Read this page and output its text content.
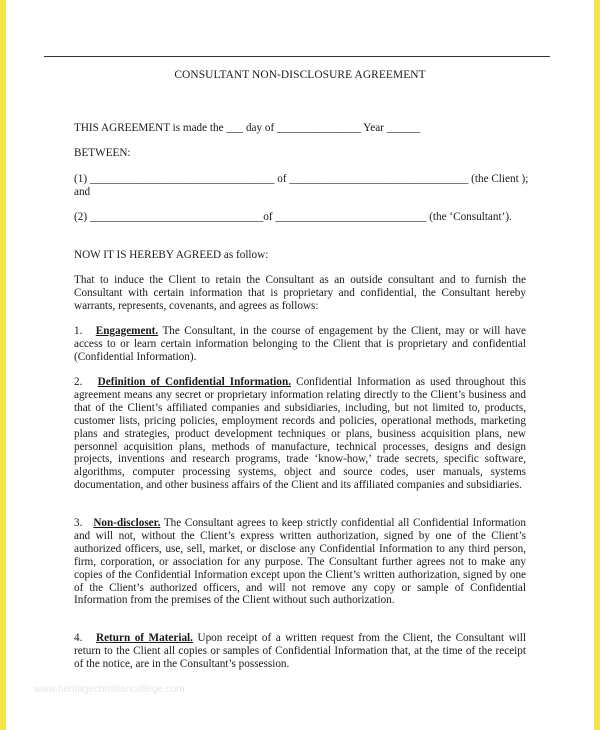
CONSULTANT NON-DISCLOSURE AGREEMENT
THIS AGREEMENT is made the ___ day of _______________ Year ______
BETWEEN:
(1) _________________________________ of ________________________________ (the Client );
and
(2) _______________________________of ___________________________ (the ‘Consultant’).
NOW IT IS HEREBY AGREED as follow:
That to induce the Client to retain the Consultant as an outside consultant and to furnish the Consultant with certain information that is proprietary and confidential, the Consultant hereby warrants, represents, covenants, and agrees as follows:
1. Engagement. The Consultant, in the course of engagement by the Client, may or will have access to or learn certain information belonging to the Client that is proprietary and confidential (Confidential Information).
2. Definition of Confidential Information. Confidential Information as used throughout this agreement means any secret or proprietary information relating directly to the Client’s business and that of the Client’s affiliated companies and subsidiaries, including, but not limited to, products, customer lists, pricing policies, employment records and policies, operational methods, marketing plans and strategies, product development techniques or plans, business acquisition plans, new personnel acquisition plans, methods of manufacture, technical processes, designs and design projects, inventions and research programs, trade ‘know-how,’ trade secrets, specific software, algorithms, computer processing systems, object and source codes, user manuals, systems documentation, and other business affairs of the Client and its affiliated companies and subsidiaries.
3. Non-discloser. The Consultant agrees to keep strictly confidential all Confidential Information and will not, without the Client’s express written authorization, signed by one of the Client’s authorized officers, use, sell, market, or disclose any Confidential Information to any third person, firm, corporation, or association for any purpose. The Consultant further agrees not to make any copies of the Confidential Information except upon the Client’s written authorization, signed by one of the Client’s authorized officers, and will not remove any copy or sample of Confidential Information from the premises of the Client without such authorization.
4. Return of Material. Upon receipt of a written request from the Client, the Consultant will return to the Client all copies or samples of Confidential Information that, at the time of the receipt of the notice, are in the Consultant’s possession.
www.heritagechristiancollege.com
